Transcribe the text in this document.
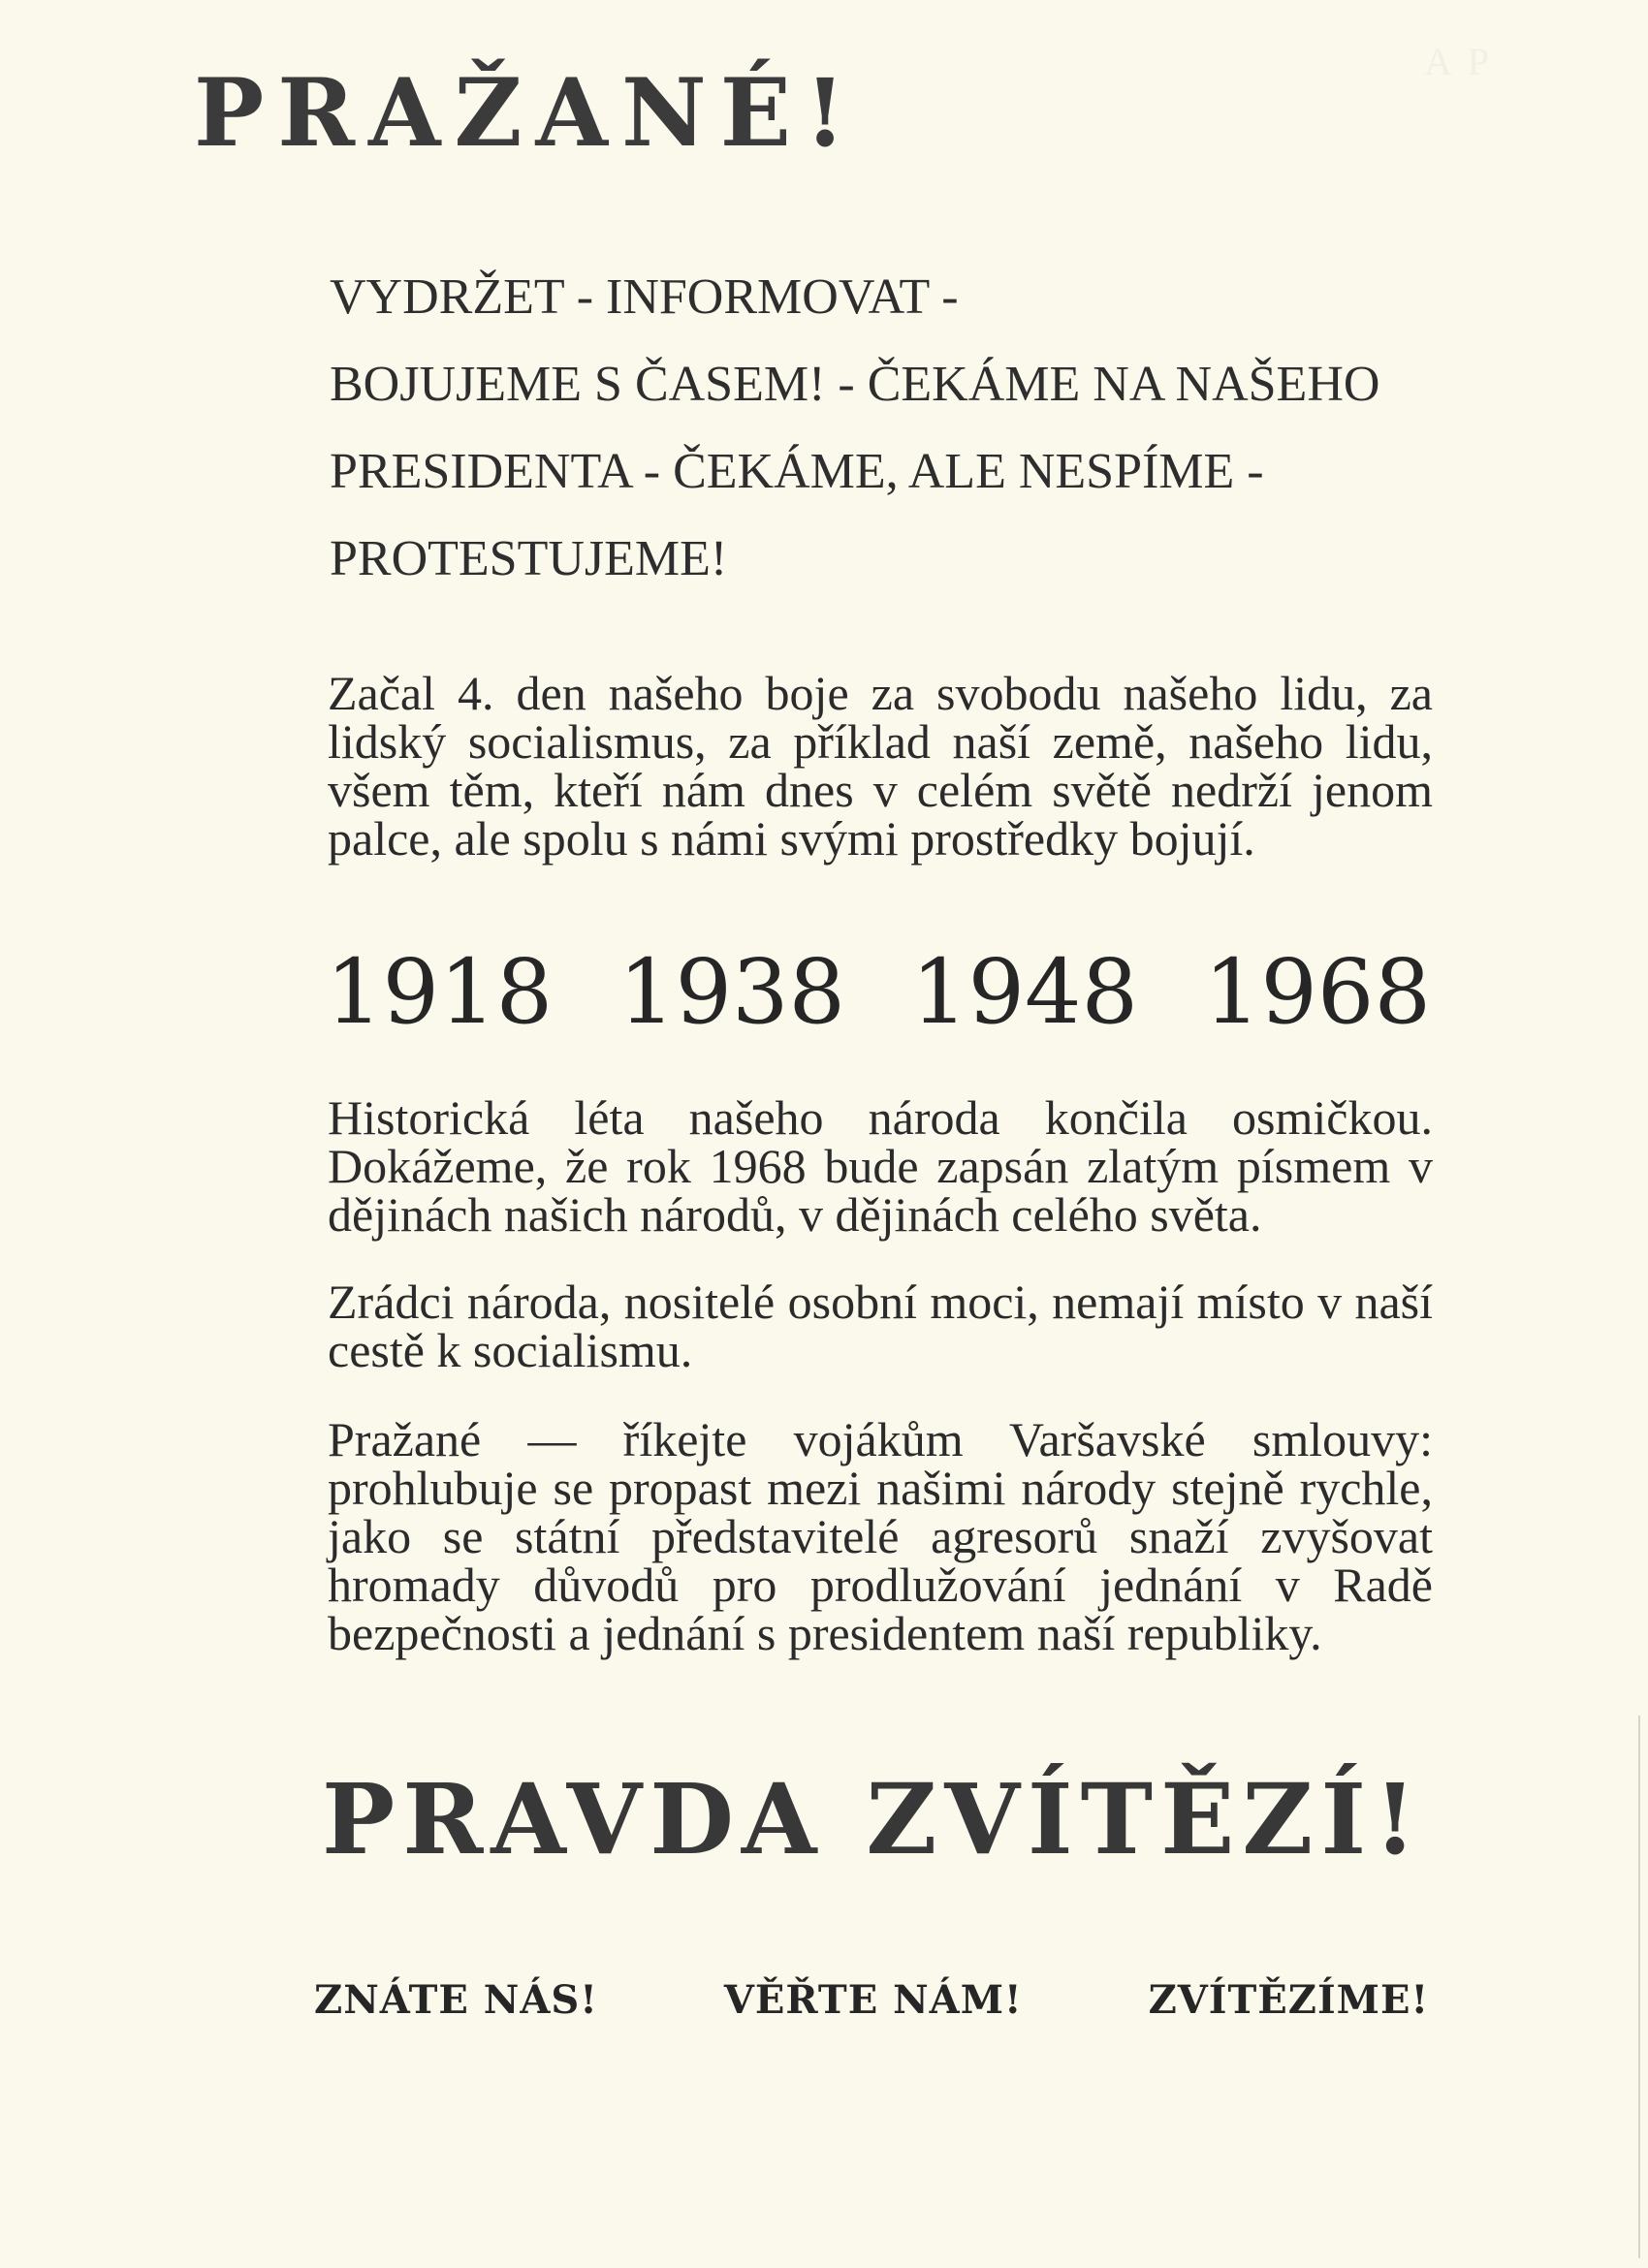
A P
PRAŽANÉ!
VYDRŽET - INFORMOVAT -
BOJUJEME S ČASEM! - ČEKÁME NA NAŠEHO
PRESIDENTA - ČEKÁME, ALE NESPÍME -
PROTESTUJEME!

Začal 4. den našeho boje za svobodu našeho lidu, za lidský socialismus, za příklad naší země, našeho lidu, všem těm, kteří nám dnes v celém světě nedrží jenom palce, ale spolu s námi svými prostředky bojují.

1918 1938 1948 1968

Historická léta našeho národa končila osmičkou. Dokážeme, že rok 1968 bude zapsán zlatým písmem v dějinách našich národů, v dějinách celého světa.

Zrádci národa, nositelé osobní moci, nemají místo v naší cestě k socialismu.

Pražané — říkejte vojákům Varšavské smlouvy: prohlubuje se propast mezi našimi národy stejně rychle, jako se státní představitelé agresorů snaží zvyšovat hromady důvodů pro prodlužování jednání v Radě bezpečnosti a jednání s presidentem naší republiky.

PRAVDA ZVÍTĚZÍ!
ZNÁTE NÁS!	VĚŘTE NÁM!	ZVÍTĚZÍME!
